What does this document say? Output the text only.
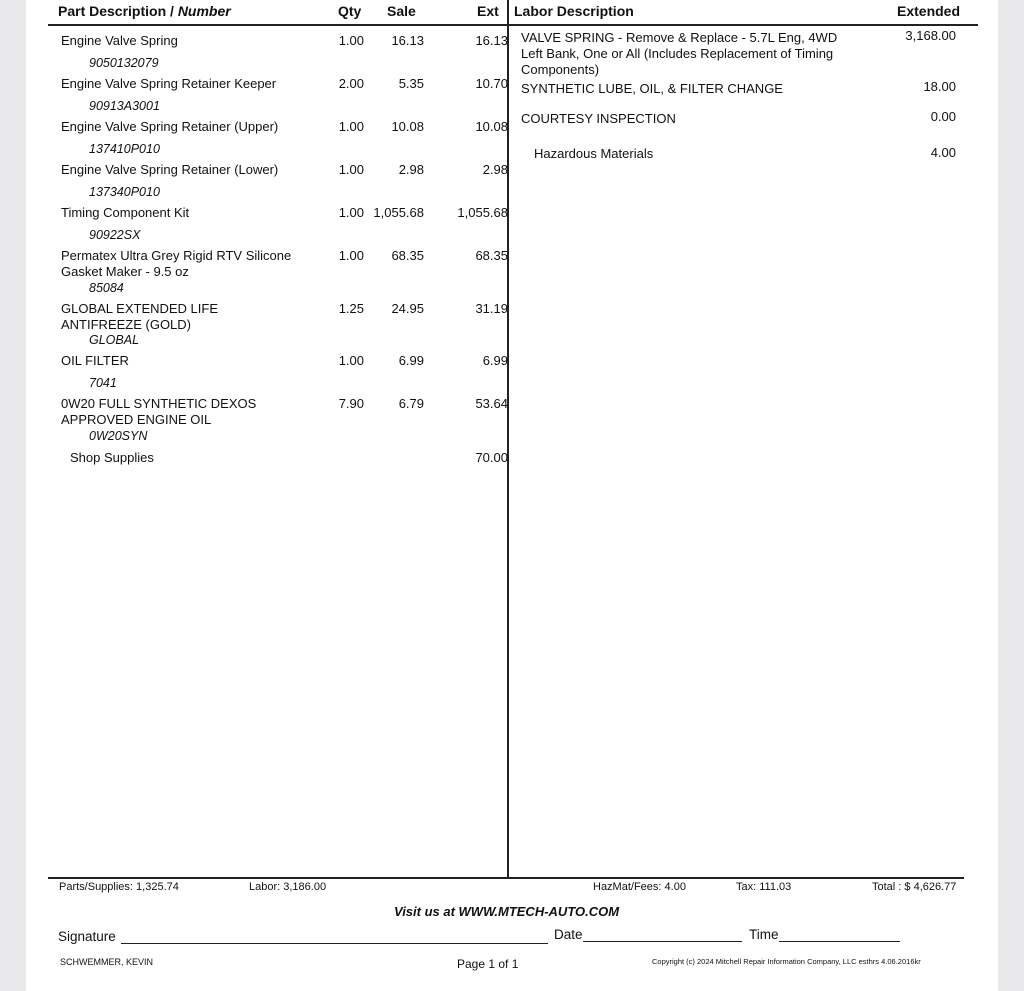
Part Description / Number	Qty Sale	Ext Labor Description	Extended
Engine Valve Spring
9050132079
1.00	16.13	16.13
Engine Valve Spring Retainer Keeper
90913A3001
2.00	5.35	10.70
Engine Valve Spring Retainer (Upper)
137410P010
1.00	10.08	10.08
Engine Valve Spring Retainer (Lower)
137340P010
1.00	2.98	2.98
Timing Component Kit
90922SX
1.00 1,055.68	1,055.68
Permatex Ultra Grey Rigid RTV Silicone Gasket Maker - 9.5 oz
85084
1.00	68.35	68.35
GLOBAL EXTENDED LIFE ANTIFREEZE (GOLD)
GLOBAL
1.25	24.95	31.19
OIL FILTER
7041
1.00	6.99	6.99
0W20 FULL SYNTHETIC DEXOS APPROVED ENGINE OIL
0W20SYN
7.90	6.79	53.64
Shop Supplies	70.00
VALVE SPRING - Remove & Replace - 5.7L Eng, 4WD Left Bank, One or All (Includes Replacement of Timing Components)
3,168.00
SYNTHETIC LUBE, OIL, & FILTER CHANGE	18.00
COURTESY INSPECTION	0.00
Hazardous Materials	4.00
Parts/Supplies: 1,325.74	Labor: 3,186.00	HazMat/Fees: 4.00	Tax: 111.03	Total : $ 4,626.77
Visit us at WWW.MTECH-AUTO.COM
Signature	Date	Time
SCHWEMMER, KEVIN	Page 1 of 1	Copyright (c) 2024 Mitchell Repair Information Company, LLC esthrs 4.06.2016kr
